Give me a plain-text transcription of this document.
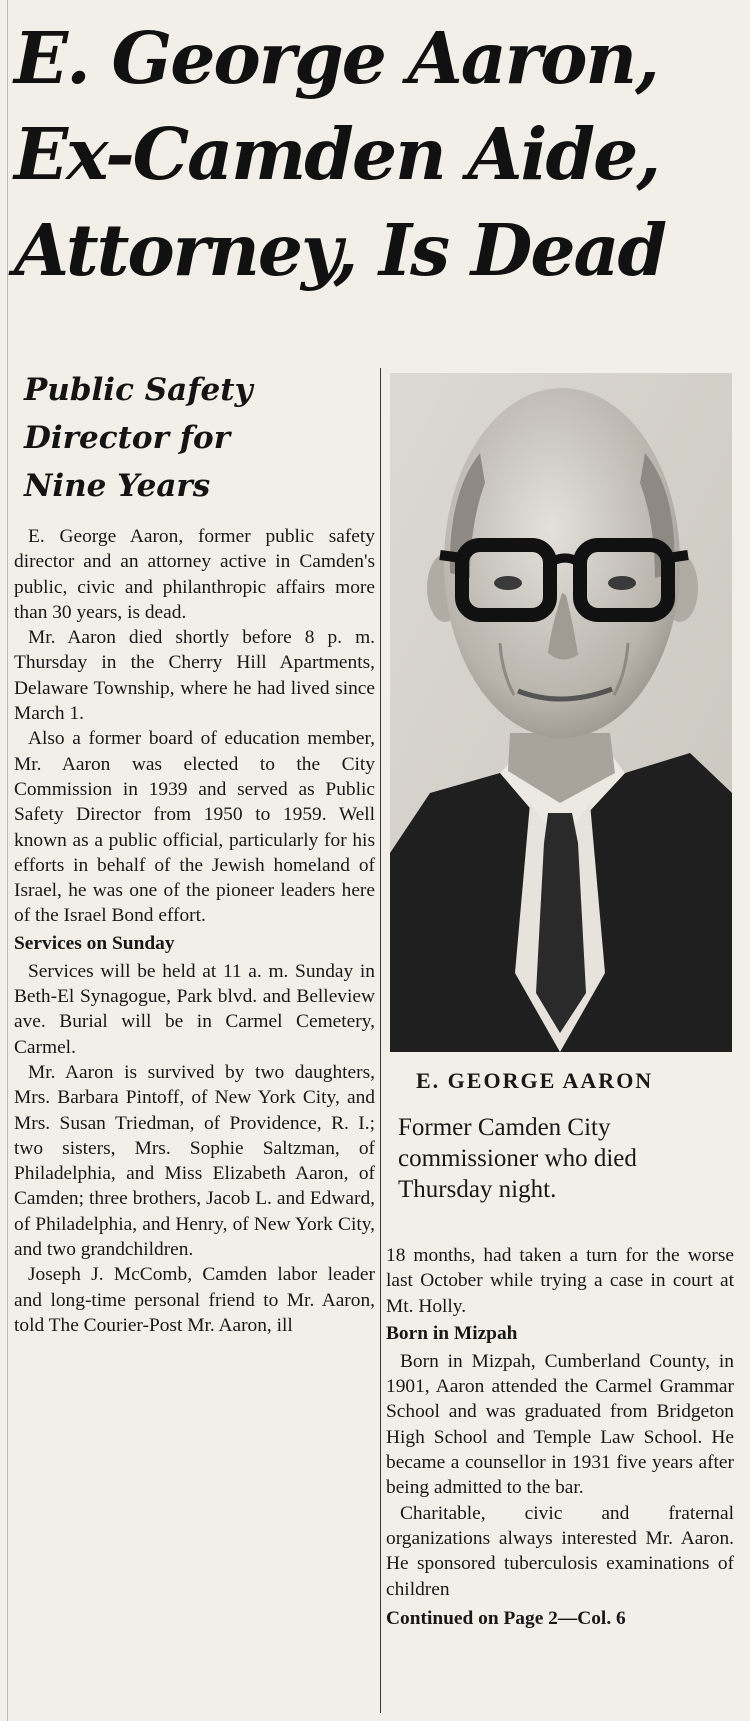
E. George Aaron,
Ex-Camden Aide,
Attorney, Is Dead
Public Safety
Director for
Nine Years

E. George Aaron, former public safety director and an attorney active in Camden's public, civic and philanthropic affairs more than 30 years, is dead.

Mr. Aaron died shortly before 8 p. m. Thursday in the Cherry Hill Apartments, Delaware Township, where he had lived since March 1.

Also a former board of education member, Mr. Aaron was elected to the City Commission in 1939 and served as Public Safety Director from 1950 to 1959. Well known as a public official, particularly for his efforts in behalf of the Jewish homeland of Israel, he was one of the pioneer leaders here of the Israel Bond effort.

Services on Sunday

Services will be held at 11 a. m. Sunday in Beth-El Synagogue, Park blvd. and Belleview ave. Burial will be in Carmel Cemetery, Carmel.

Mr. Aaron is survived by two daughters, Mrs. Barbara Pintoff, of New York City, and Mrs. Susan Triedman, of Providence, R. I.; two sisters, Mrs. Sophie Saltzman, of Philadelphia, and Miss Elizabeth Aaron, of Camden; three brothers, Jacob L. and Edward, of Philadelphia, and Henry, of New York City, and two grandchildren.

Joseph J. McComb, Camden labor leader and long-time personal friend to Mr. Aaron, told The Courier-Post Mr. Aaron, ill

E. GEORGE AARON
Former Camden City commissioner who died Thursday night.

18 months, had taken a turn for the worse last October while trying a case in court at Mt. Holly.

Born in Mizpah

Born in Mizpah, Cumberland County, in 1901, Aaron attended the Carmel Grammar School and was graduated from Bridgeton High School and Temple Law School. He became a counsellor in 1931 five years after being admitted to the bar.

Charitable, civic and fraternal organizations always interested Mr. Aaron. He sponsored tuberculosis examinations of children

Continued on Page 2—Col. 6
